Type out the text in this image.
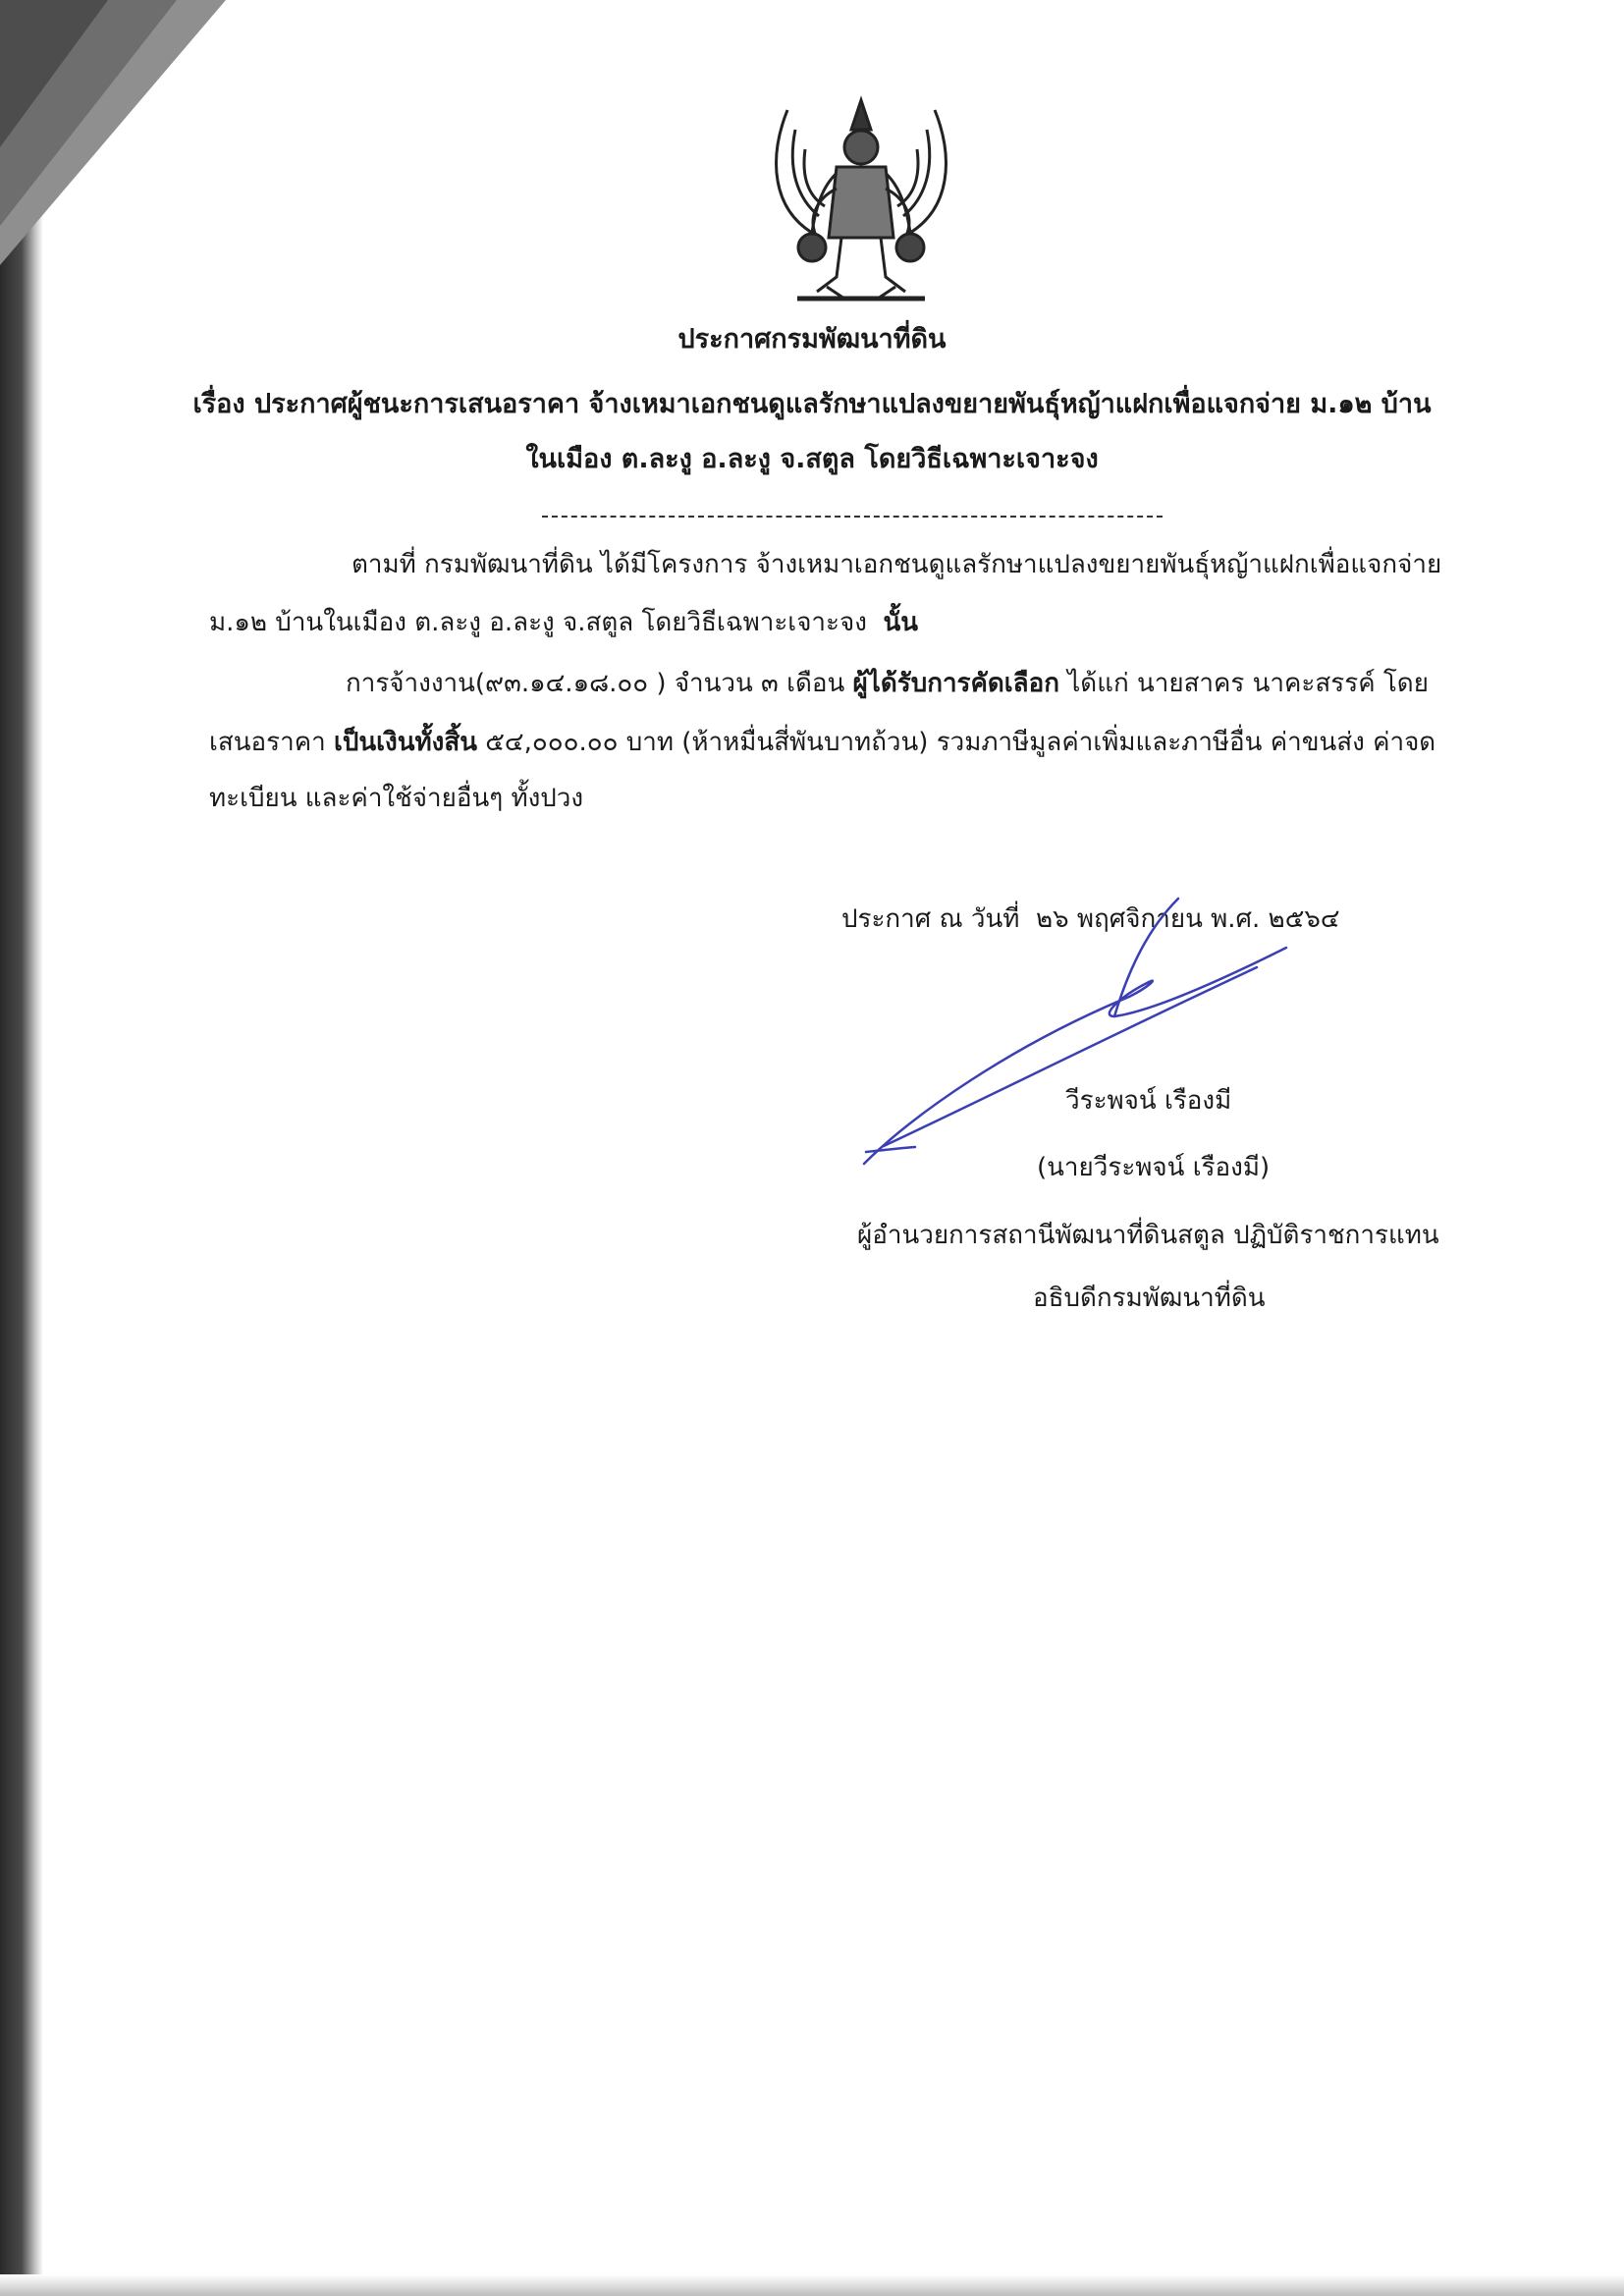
ประกาศกรมพัฒนาที่ดิน
เรื่อง ประกาศผู้ชนะการเสนอราคา จ้างเหมาเอกชนดูแลรักษาแปลงขยายพันธุ์หญ้าแฝกเพื่อแจกจ่าย ม.๑๒ บ้าน
ในเมือง ต.ละงู อ.ละงู จ.สตูล โดยวิธีเฉพาะเจาะจง
ตามที่ กรมพัฒนาที่ดิน ได้มีโครงการ จ้างเหมาเอกชนดูแลรักษาแปลงขยายพันธุ์หญ้าแฝกเพื่อแจกจ่าย
ม.๑๒ บ้านในเมือง ต.ละงู อ.ละงู จ.สตูล โดยวิธีเฉพาะเจาะจง นั้น
การจ้างงาน(๙๓.๑๔.๑๘.๐๐ ) จำนวน ๓ เดือน ผู้ได้รับการคัดเลือก ได้แก่ นายสาคร นาคะสรรค์ โดย
เสนอราคา เป็นเงินทั้งสิ้น ๕๔,๐๐๐.๐๐ บาท (ห้าหมื่นสี่พันบาทถ้วน) รวมภาษีมูลค่าเพิ่มและภาษีอื่น ค่าขนส่ง ค่าจด
ทะเบียน และค่าใช้จ่ายอื่นๆ ทั้งปวง
ประกาศ ณ วันที่ ๒๖ พฤศจิกายน พ.ศ. ๒๕๖๔
วีระพจน์ เรืองมี
(นายวีระพจน์ เรืองมี)
ผู้อำนวยการสถานีพัฒนาที่ดินสตูล ปฏิบัติราชการแทน
อธิบดีกรมพัฒนาที่ดิน
